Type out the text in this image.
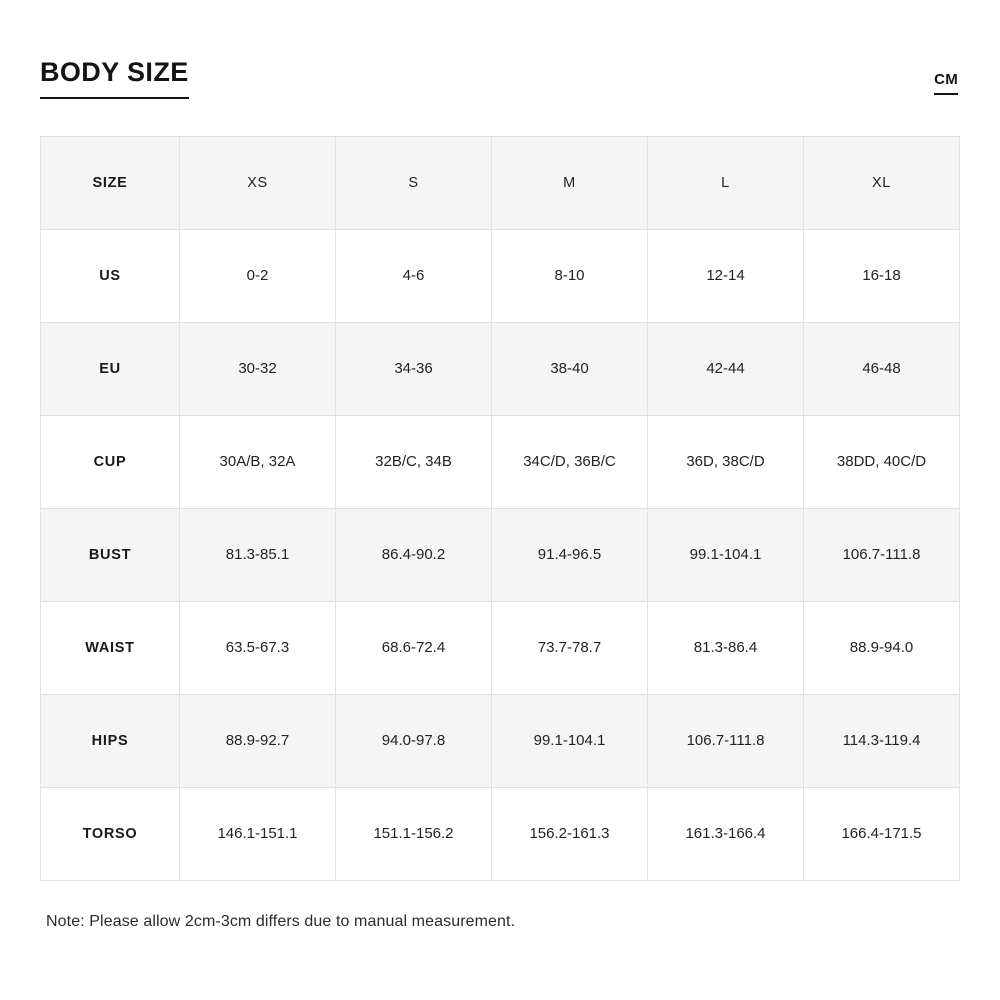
BODY SIZE	CM
SIZE	XS	S	M	L	XL
US	0-2	4-6	8-10	12-14	16-18
EU	30-32	34-36	38-40	42-44	46-48
CUP	30A/B, 32A	32B/C, 34B	34C/D, 36B/C	36D, 38C/D	38DD, 40C/D
BUST	81.3-85.1	86.4-90.2	91.4-96.5	99.1-104.1	106.7-111.8
WAIST	63.5-67.3	68.6-72.4	73.7-78.7	81.3-86.4	88.9-94.0
HIPS	88.9-92.7	94.0-97.8	99.1-104.1	106.7-111.8	114.3-119.4
TORSO	146.1-151.1	151.1-156.2	156.2-161.3	161.3-166.4	166.4-171.5
Note: Please allow 2cm-3cm differs due to manual measurement.
